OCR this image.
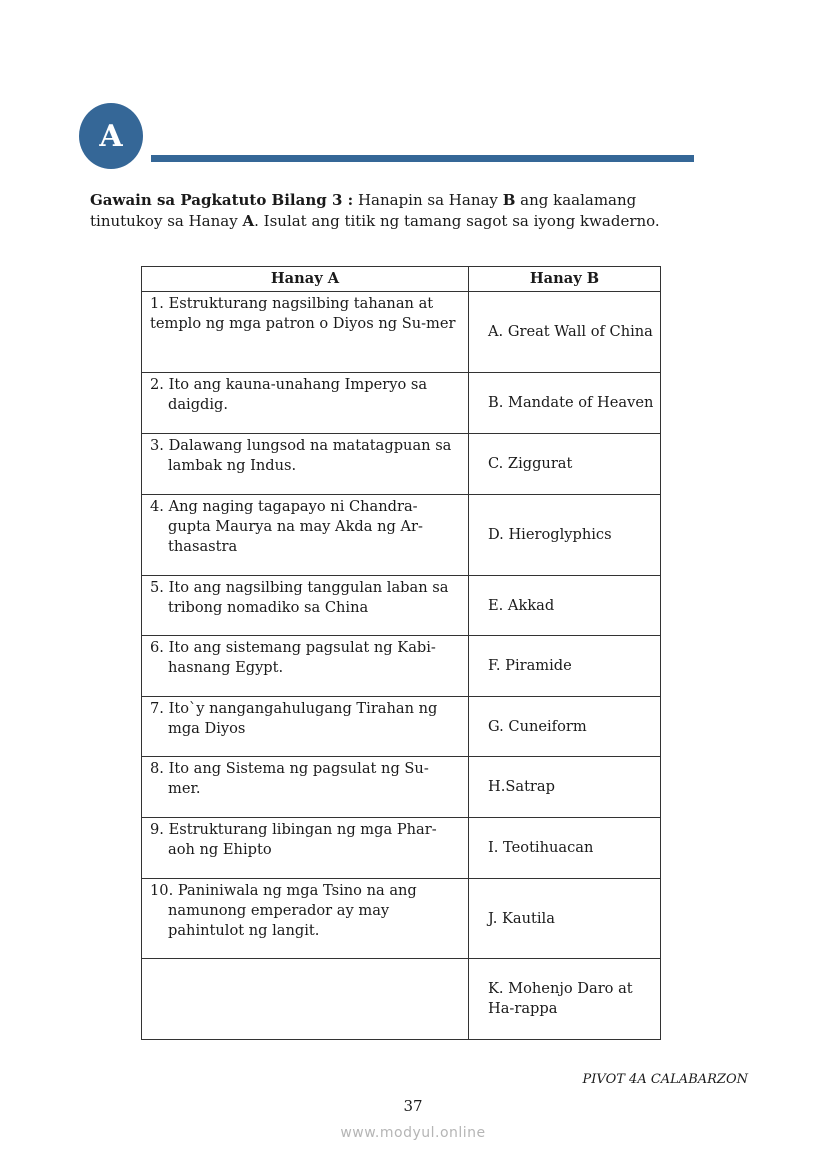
A
Gawain sa Pagkatuto Bilang 3 : Hanapin sa Hanay B ang kaalamang tinutukoy sa Hanay A. Isulat ang titik ng tamang sagot sa iyong kwaderno.
Hanay A	Hanay B

1. Estrukturang nagsilbing tahanan at templo ng mga patron o Diyos ng Su-mer	A. Great Wall of China

2. Ito ang kauna-unahang Imperyo sa daigdig.	B. Mandate of Heaven

3. Dalawang lungsod na matatagpuan sa lambak ng Indus.	C. Ziggurat

4. Ang naging tagapayo ni Chandra-gupta Maurya na may Akda ng Ar-thasastra	D. Hieroglyphics

5. Ito ang nagsilbing tanggulan laban sa tribong nomadiko sa China	E. Akkad

6. Ito ang sistemang pagsulat ng Kabi-hasnang Egypt.	F. Piramide

7. Ito`y nangangahulugang Tirahan ng mga Diyos	G. Cuneiform

8. Ito ang Sistema ng pagsulat ng Su-mer.	H.Satrap

9. Estrukturang libingan ng mga Phar-aoh ng Ehipto	I. Teotihuacan

10. Paniniwala ng mga Tsino na ang namunong emperador ay may pahintulot ng langit.	J. Kautila

	K. Mohenjo Daro at Ha-rappa
PIVOT 4A CALABARZON
37
www.modyul.online
